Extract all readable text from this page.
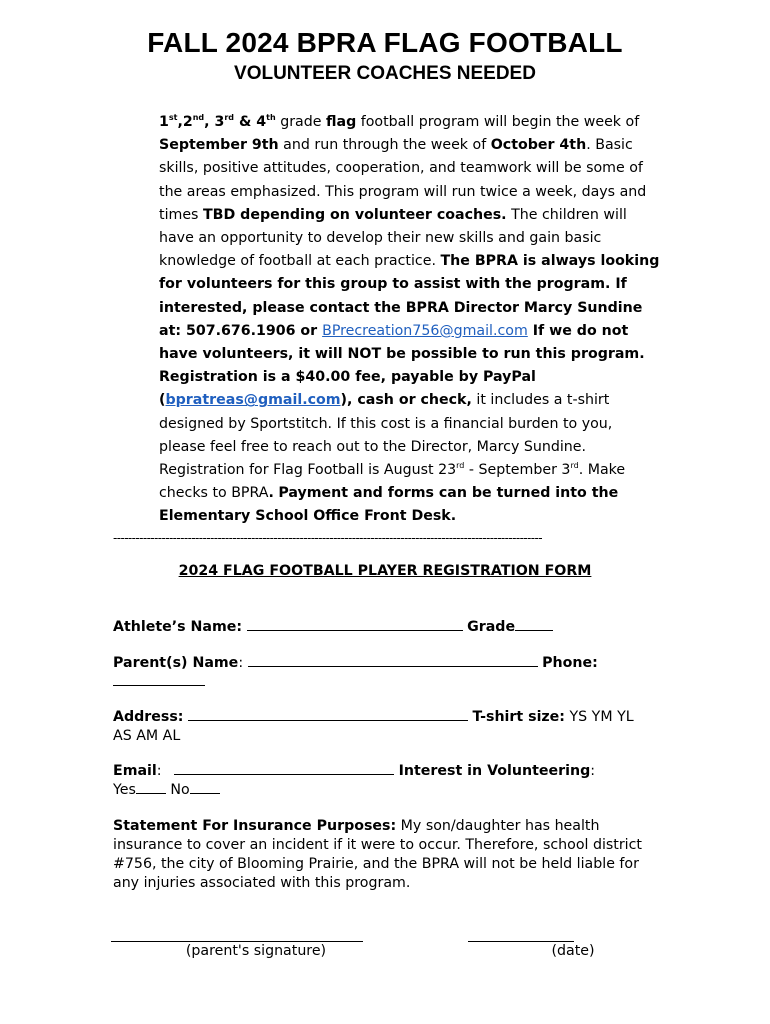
FALL 2024 BPRA FLAG FOOTBALL
VOLUNTEER COACHES NEEDED

1st,2nd, 3rd & 4th grade flag football program will begin the week of September 9th and run through the week of October 4th. Basic skills, positive attitudes, cooperation, and teamwork will be some of the areas emphasized. This program will run twice a week, days and times TBD depending on volunteer coaches. The children will have an opportunity to develop their new skills and gain basic knowledge of football at each practice. The BPRA is always looking for volunteers for this group to assist with the program. If interested, please contact the BPRA Director Marcy Sundine at: 507.676.1906 or BPrecreation756@gmail.com If we do not have volunteers, it will NOT be possible to run this program.

Registration is a $40.00 fee, payable by PayPal (bpratreas@gmail.com), cash or check, it includes a t-shirt designed by Sportstitch. If this cost is a financial burden to you, please feel free to reach out to the Director, Marcy Sundine. Registration for Flag Football is August 23rd - September 3rd. Make checks to BPRA. Payment and forms can be turned into the Elementary School Office Front Desk.

-------------------------------------------------------------------------------------------------------------------
2024 FLAG FOOTBALL PLAYER REGISTRATION FORM
Athlete’s Name:	Grade
Parent(s) Name:	Phone:

Address:	T-shirt size: YS YM YL AS AM AL
Email:	Interest in Volunteering:
Yes No
Statement For Insurance Purposes: My son/daughter has health insurance to cover an incident if it were to occur. Therefore, school district #756, the city of Blooming Prairie, and the BPRA will not be held liable for any injuries associated with this program.
(parent's signature)	(date)
